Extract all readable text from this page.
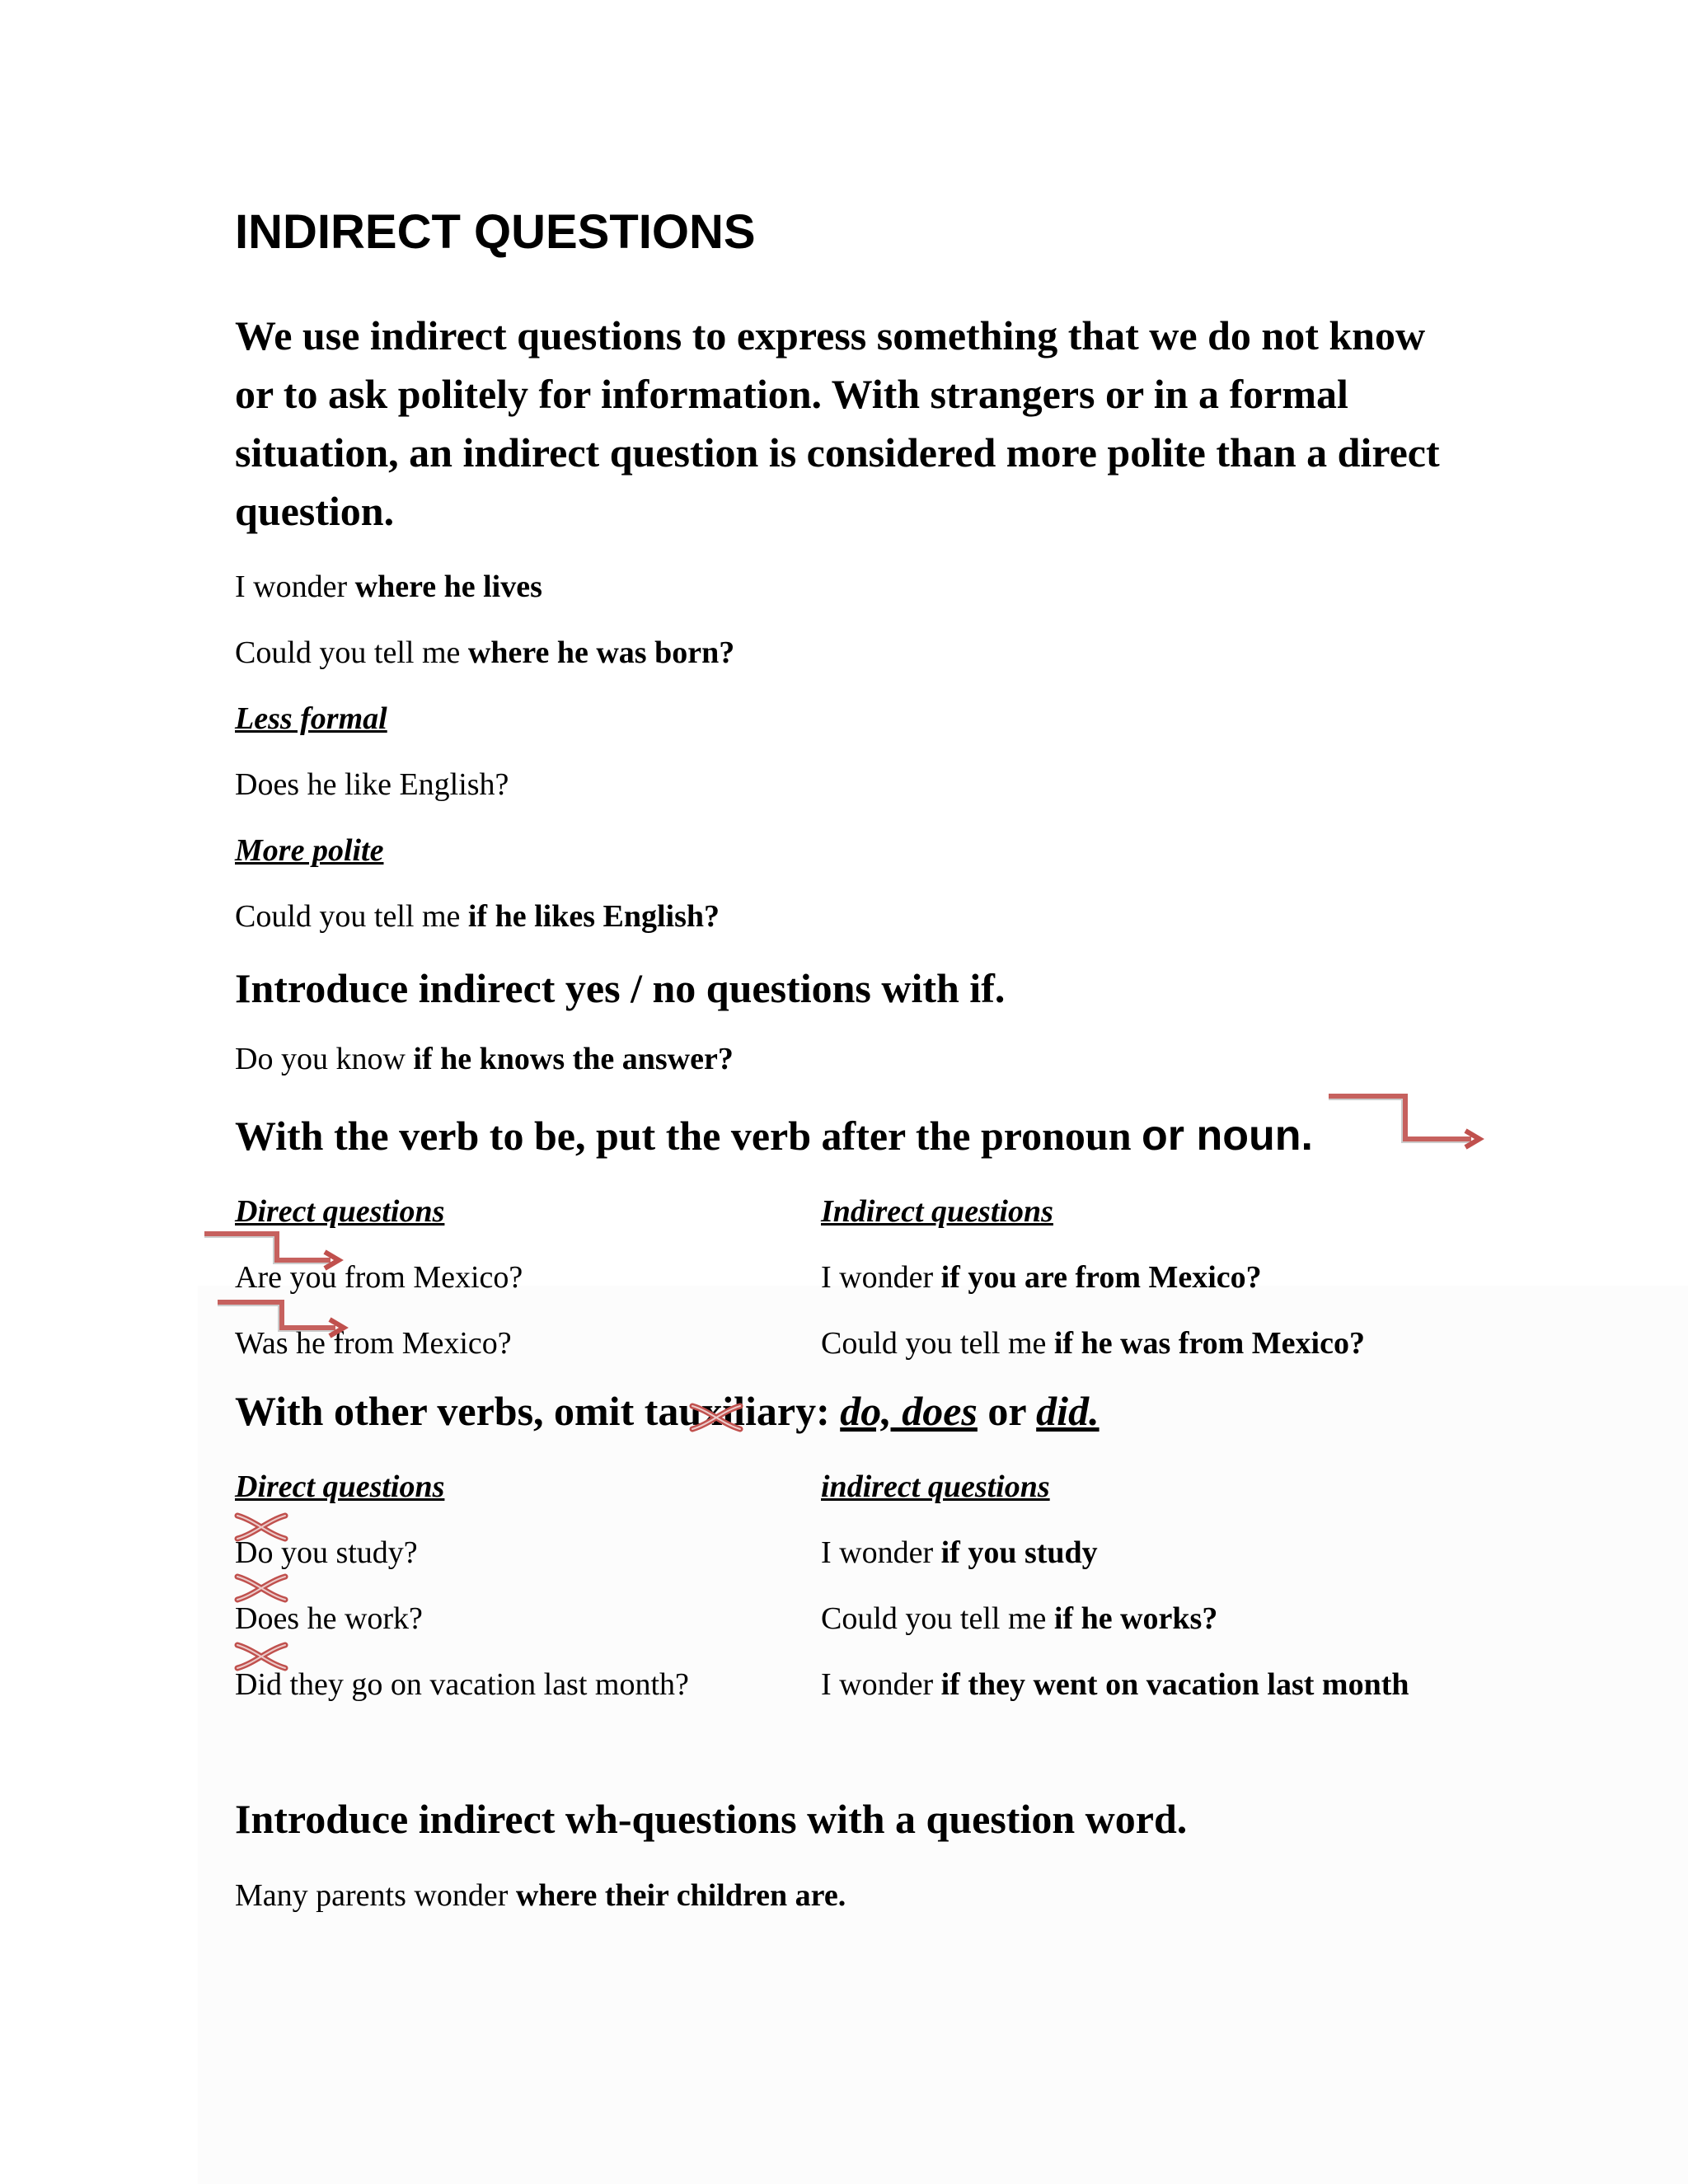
INDIRECT QUESTIONS

We use indirect questions to express something that we do not know or to ask politely for information. With strangers or in a formal situation, an indirect question is considered more polite than a direct question.

I wonder where he lives
Could you tell me where he was born?
Less formal
Does he like English?
More polite
Could you tell me if he likes English?
Introduce indirect yes / no questions with if.
Do you know if he knows the answer?
With the verb to be, put the verb after the pronoun or noun.
Direct questions	Indirect questions
Are you from Mexico?	I wonder if you are from Mexico?
Was he from Mexico?	Could you tell me if he was from Mexico?
With other verbs, omit tauxiliary: do, does or did.
Direct questions	indirect questions
Do you study?	I wonder if you study
Does he work?	Could you tell me if he works?
Did they go on vacation last month?	I wonder if they went on vacation last month
Introduce indirect wh-questions with a question word.
Many parents wonder where their children are.
